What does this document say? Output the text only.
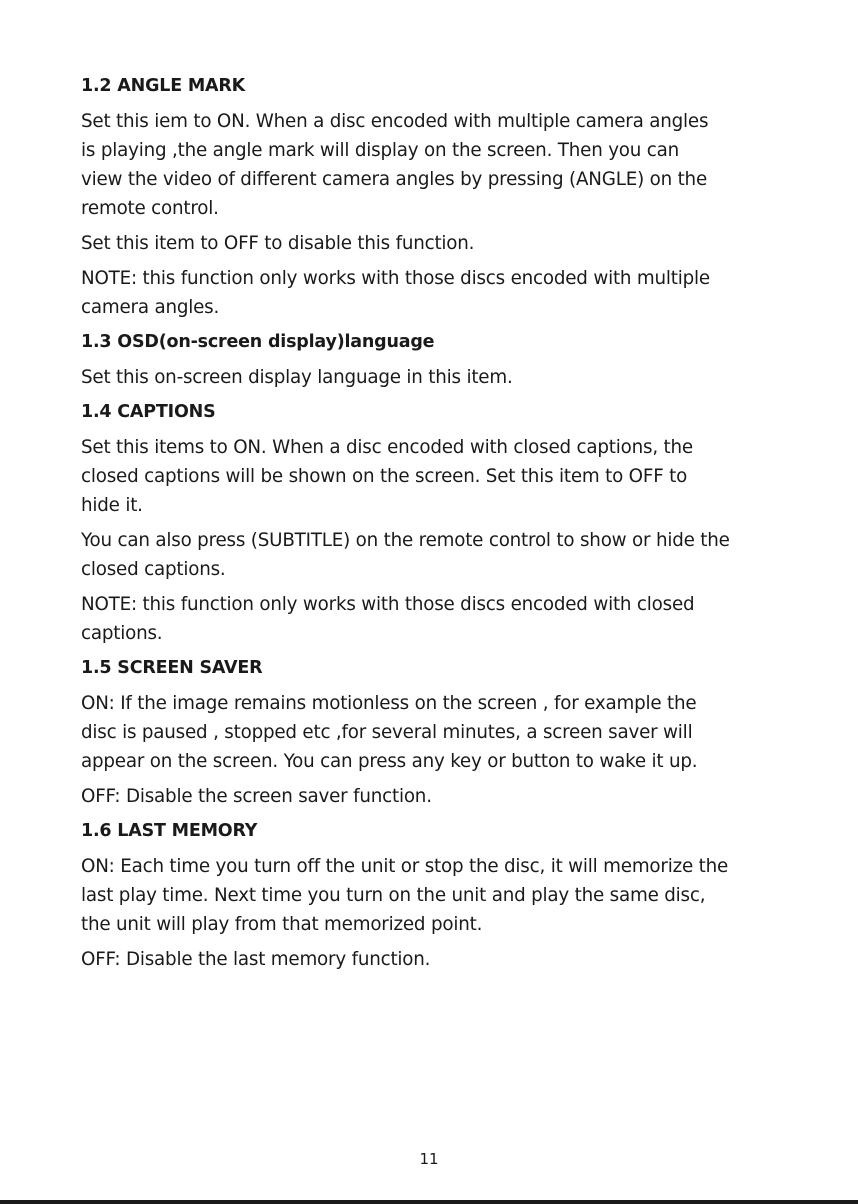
1.2 ANGLE MARK
Set this iem to ON. When a disc encoded with multiple camera angles
is playing ,the angle mark will display on the screen. Then you can
view the video of different camera angles by pressing (ANGLE) on the
remote control.
Set this item to OFF to disable this function.
NOTE: this function only works with those discs encoded with multiple
camera angles.
1.3 OSD(on-screen display)language
Set this on-screen display language in this item.
1.4 CAPTIONS
Set this items to ON. When a disc encoded with closed captions, the
closed captions will be shown on the screen. Set this item to OFF to
hide it.
You can also press (SUBTITLE) on the remote control to show or hide the
closed captions.
NOTE: this function only works with those discs encoded with closed
captions.
1.5 SCREEN SAVER
ON: If the image remains motionless on the screen , for example the
disc is paused , stopped etc ,for several minutes, a screen saver will
appear on the screen. You can press any key or button to wake it up.
OFF: Disable the screen saver function.
1.6 LAST MEMORY
ON: Each time you turn off the unit or stop the disc, it will memorize the
last play time. Next time you turn on the unit and play the same disc,
the unit will play from that memorized point.
OFF: Disable the last memory function.
11
